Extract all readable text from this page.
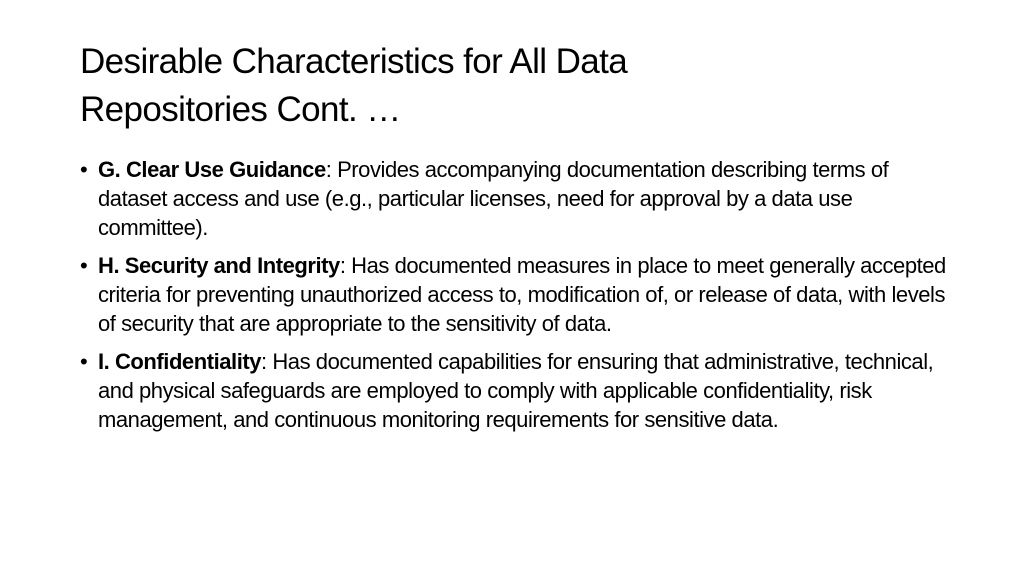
Desirable Characteristics for All Data
Repositories Cont. …
• G. Clear Use Guidance: Provides accompanying documentation describing terms of dataset access and use (e.g., particular licenses, need for approval by a data use committee).
• H. Security and Integrity: Has documented measures in place to meet generally accepted criteria for preventing unauthorized access to, modification of, or release of data, with levels of security that are appropriate to the sensitivity of data.
• I. Confidentiality: Has documented capabilities for ensuring that administrative, technical, and physical safeguards are employed to comply with applicable confidentiality, risk management, and continuous monitoring requirements for sensitive data.
